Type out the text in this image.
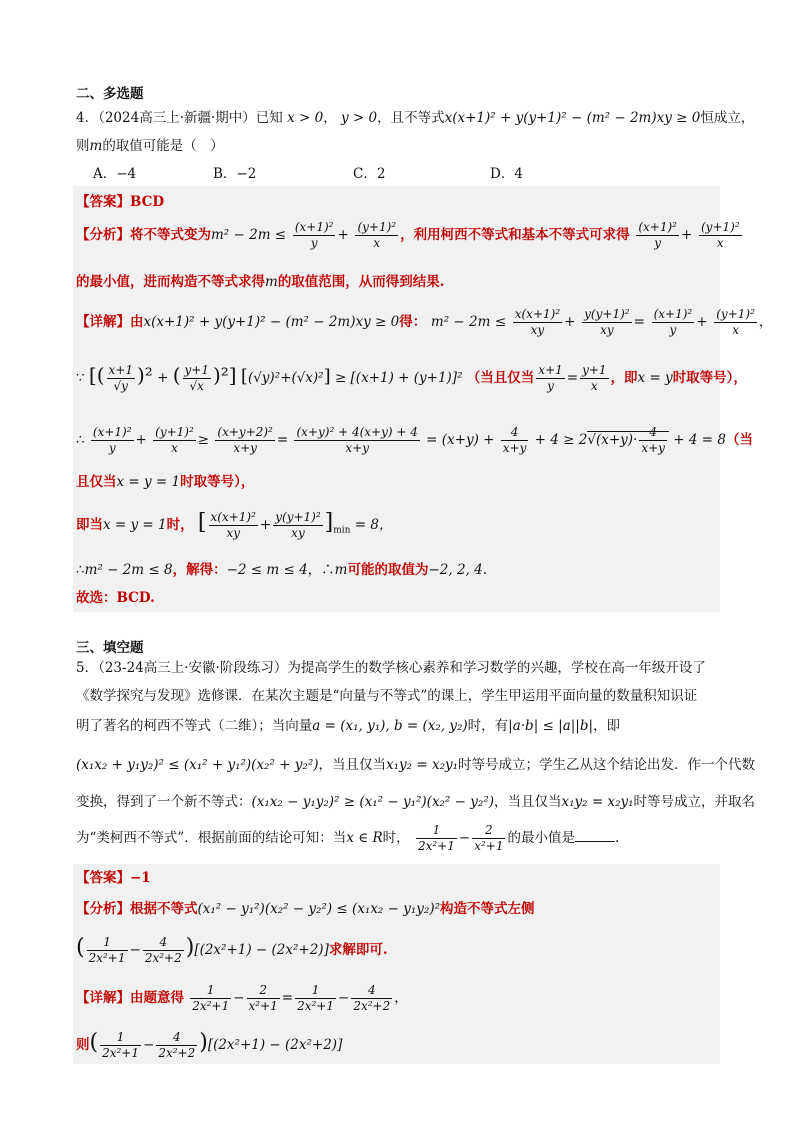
二、多选题
4．（2024高三上·新疆·期中）已知 x > 0， y > 0，且不等式x(x+1)² + y(y+1)² − (m² − 2m)xy ≥ 0恒成立，
则m的取值可能是（　）
A．−4	B．−2	C．2	D．4
【答案】BCD
【分析】将不等式变为$m^2 - 2m \le \frac{\text{(x+1)²}}{y} + \frac{\text{(y+1)²}}{x}$ ，利用柯西不等式和基本不等式可求得 $\frac{\text{(x+1)²}}{y} + \frac{\text{(y+1)²}}{x}$
的最小值，进而构造不等式求得m的取值范围，从而得到结果.
【详解】由x(x+1)² + y(y+1)² − (m² − 2m)xy ≥ 0得： $m^2 - 2m \le \frac{\text{x(x+1)²}}{xy} + \frac{\text{y(y+1)²}}{xy} = \frac{\text{(x+1)²}}{y} + \frac{\text{(y+1)²}}{x}$ ，
∵ [( $\frac{x+1}{√y} )^2$ + ( $\frac{y+1}{√x} )^2$] [(√y)²+(√x)²] ≥ [(x+1) + (y+1)]² （当且仅当 $\frac{x+1}{y} = \frac{y+1}{x}$ ，即x = y时取等号），
∴ $\frac{\text{(x+1)²}}{y} + \frac{\text{(y+1)²}}{x} \ge \frac{\text{(x+y+2)²}}{x+y} = \frac{\text{(x+y)² + 4(x+y) + 4}}{x+y} = (x+y) + \frac{4}{x+y} + 4 \ge 2√(x+y)\cdot \frac{4}{x+y} + 4 = 8$（当
且仅当x = y = 1时取等号），
即当x = y = 1时， [ $\frac{\text{x(x+1)²}}{xy} + \frac{\text{y(y+1)²}}{xy} ]_{min} = 8$，
∴m² − 2m ≤ 8，解得：−2 ≤ m ≤ 4，∴m可能的取值为−2, 2, 4.
故选：BCD.
三、填空题
5．（23-24高三上·安徽·阶段练习）为提高学生的数学核心素养和学习数学的兴趣，学校在高一年级开设了
《数学探究与发现》选修课．在某次主题是“向量与不等式”的课上，学生甲运用平面向量的数量积知识证
明了著名的柯西不等式（二维）；当向量a = (x₁, y₁), b = (x₂, y₂)时，有|a·b| ≤ |a||b|，即
(x₁x₂ + y₁y₂)² ≤ (x₁² + y₁²)(x₂² + y₂²)，当且仅当x₁y₂ = x₂y₁时等号成立；学生乙从这个结论出发．作一个代数
变换，得到了一个新不等式：(x₁x₂ − y₁y₂)² ≥ (x₁² − y₁²)(x₂² − y₂²)，当且仅当x₁y₂ = x₂y₁时等号成立，并取名
为“类柯西不等式”．根据前面的结论可知：当x ∈ R时， $\frac{1}{\text{2x²+1}} - \frac{2}{\text{x²+1}}$ 的最小值是	.
【答案】−1
【分析】根据不等式(x₁² − y₁²)(x₂² − y₂²) ≤ (x₁x₂ − y₁y₂)²构造不等式左侧
( $\frac{1}{\text{2x²+1}} - \frac{4}{\text{2x²+2}} )[(2x^2+1) - (2x^2+2)]$求解即可.
【详解】由题意得 $\frac{1}{\text{2x²+1}} - \frac{2}{\text{x²+1}} = \frac{1}{\text{2x²+1}} - \frac{4}{\text{2x²+2}}$ ，
则( $\frac{1}{\text{2x²+1}} - \frac{4}{\text{2x²+2}} )[(2x^2+1) - (2x^2+2)]$
